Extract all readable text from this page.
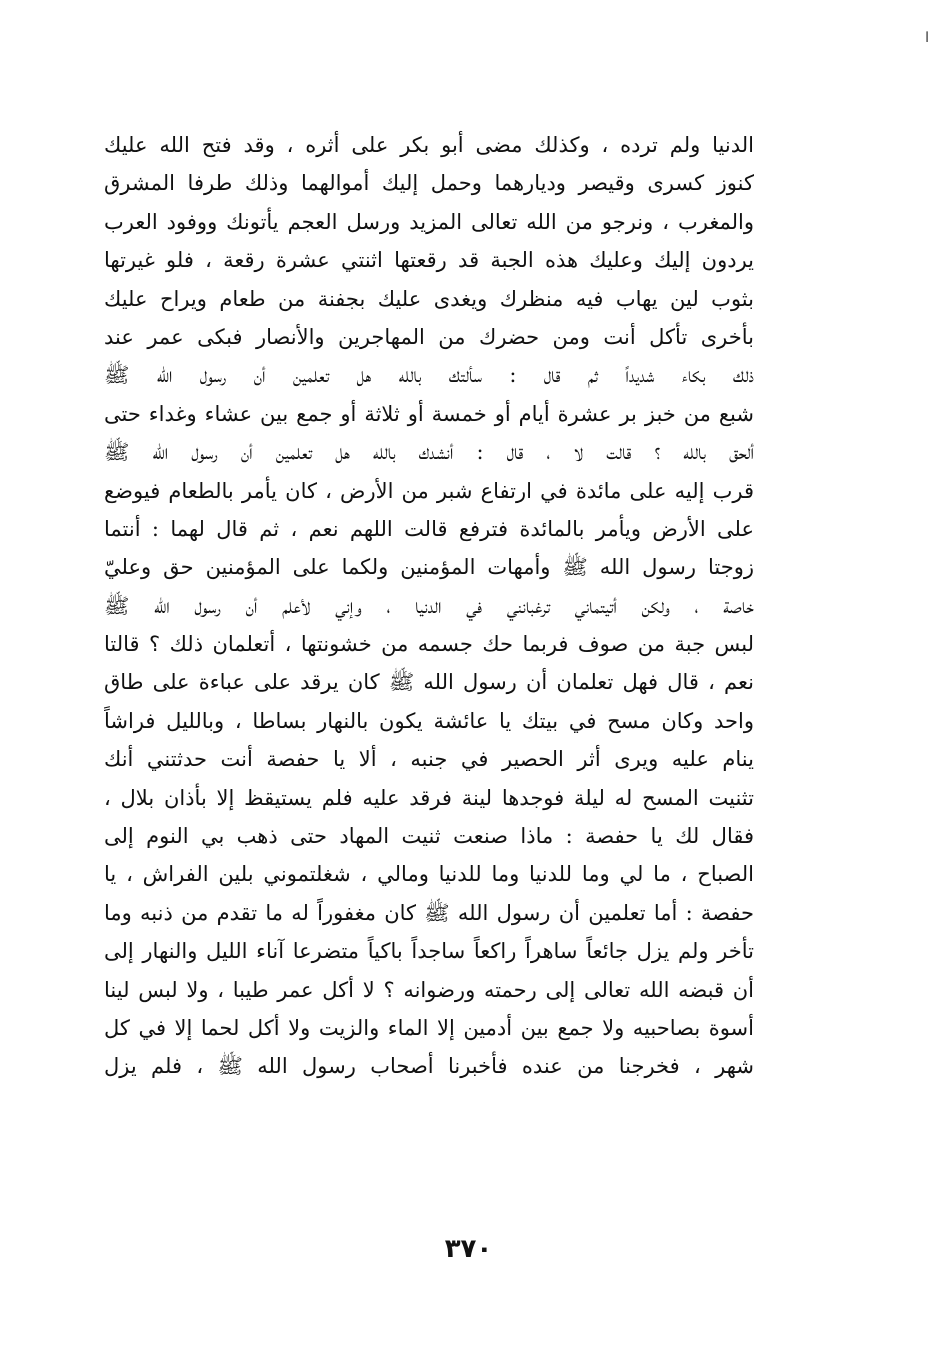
ا
الدنيا ولم ترده ، وكذلك مضى أبو بكر على أثره ، وقد فتح الله عليك
كنوز كسرى وقيصر وديارهما وحمل إليك أموالهما وذلك طرفا المشرق
والمغرب ، ونرجو من الله تعالى المزيد ورسل العجم يأتونك ووفود العرب
يردون إليك وعليك هذه الجبة قد رقعتها اثنتي عشرة رقعة ، فلو غيرتها
بثوب لين يهاب فيه منظرك ويغدى عليك بجفنة من طعام ويراح عليك
بأخرى تأكل أنت ومن حضرك من المهاجرين والأنصار فبكى عمر عند
ذلك بكاء شديداً ثم قال : سألتك بالله هل تعلمين أن رسول الله ﷺ
شبع من خبز بر عشرة أيام أو خمسة أو ثلاثة أو جمع بين عشاء وغداء حتى
ألحق بالله ؟ قالت لا ، قال : أنشدك بالله هل تعلمين أن رسول الله ﷺ
قرب إليه على مائدة في ارتفاع شبر من الأرض ، كان يأمر بالطعام فيوضع
على الأرض ويأمر بالمائدة فترفع قالت اللهم نعم ، ثم قال لهما : أنتما
زوجتا رسول الله ﷺ وأمهات المؤمنين ولكما على المؤمنين حق وعليّ
خاصة ، ولكن أتيتماني ترغبانني في الدنيا ، وإني لأعلم أن رسول الله ﷺ
لبس جبة من صوف فربما حك جسمه من خشونتها ، أتعلمان ذلك ؟ قالتا
نعم ، قال فهل تعلمان أن رسول الله ﷺ كان يرقد على عباءة على طاق
واحد وكان مسح في بيتك يا عائشة يكون بالنهار بساطا ، وبالليل فراشاً
ينام عليه ويرى أثر الحصير في جنبه ، ألا يا حفصة أنت حدثتني أنك
تثنيت المسح له ليلة فوجدها لينة فرقد عليه فلم يستيقظ إلا بأذان بلال ،
فقال لك يا حفصة : ماذا صنعت ثنيت المهاد حتى ذهب بي النوم إلى
الصباح ، ما لي وما للدنيا وما للدنيا ومالي ، شغلتموني بلين الفراش ، يا
حفصة : أما تعلمين أن رسول الله ﷺ كان مغفوراً له ما تقدم من ذنبه وما
تأخر ولم يزل جائعاً ساهراً راكعاً ساجداً باكياً متضرعا آناء الليل والنهار إلى
أن قبضه الله تعالى إلى رحمته ورضوانه ؟ لا أكل عمر طيبا ، ولا لبس لينا
أسوة بصاحبيه ولا جمع بين أدمين إلا الماء والزيت ولا أكل لحما إلا في كل
شهر ، فخرجنا من عنده فأخبرنا أصحاب رسول الله ﷺ ، فلم يزل
٣٧٠
